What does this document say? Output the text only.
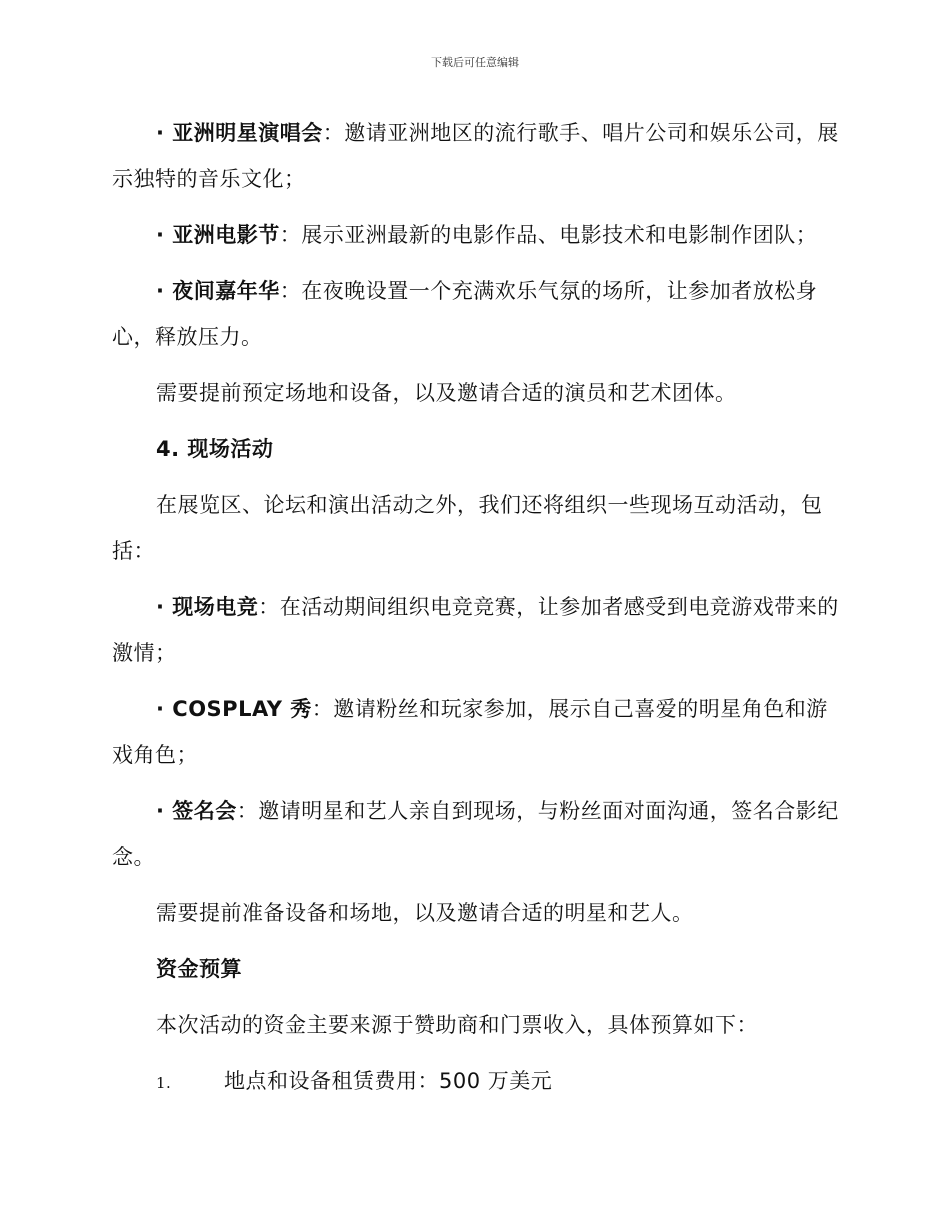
下载后可任意编辑

· 亚洲明星演唱会：邀请亚洲地区的流行歌手、唱片公司和娱乐公司，展示独特的音乐文化；

· 亚洲电影节：展示亚洲最新的电影作品、电影技术和电影制作团队；

· 夜间嘉年华：在夜晚设置一个充满欢乐气氛的场所，让参加者放松身心，释放压力。

需要提前预定场地和设备，以及邀请合适的演员和艺术团体。

4. 现场活动

在展览区、论坛和演出活动之外，我们还将组织一些现场互动活动，包括：

· 现场电竞：在活动期间组织电竞竞赛，让参加者感受到电竞游戏带来的激情；

· COSPLAY 秀：邀请粉丝和玩家参加，展示自己喜爱的明星角色和游戏角色；

· 签名会：邀请明星和艺人亲自到现场，与粉丝面对面沟通，签名合影纪念。

需要提前准备设备和场地，以及邀请合适的明星和艺人。

资金预算

本次活动的资金主要来源于赞助商和门票收入，具体预算如下：

1.	地点和设备租赁费用：500 万美元
